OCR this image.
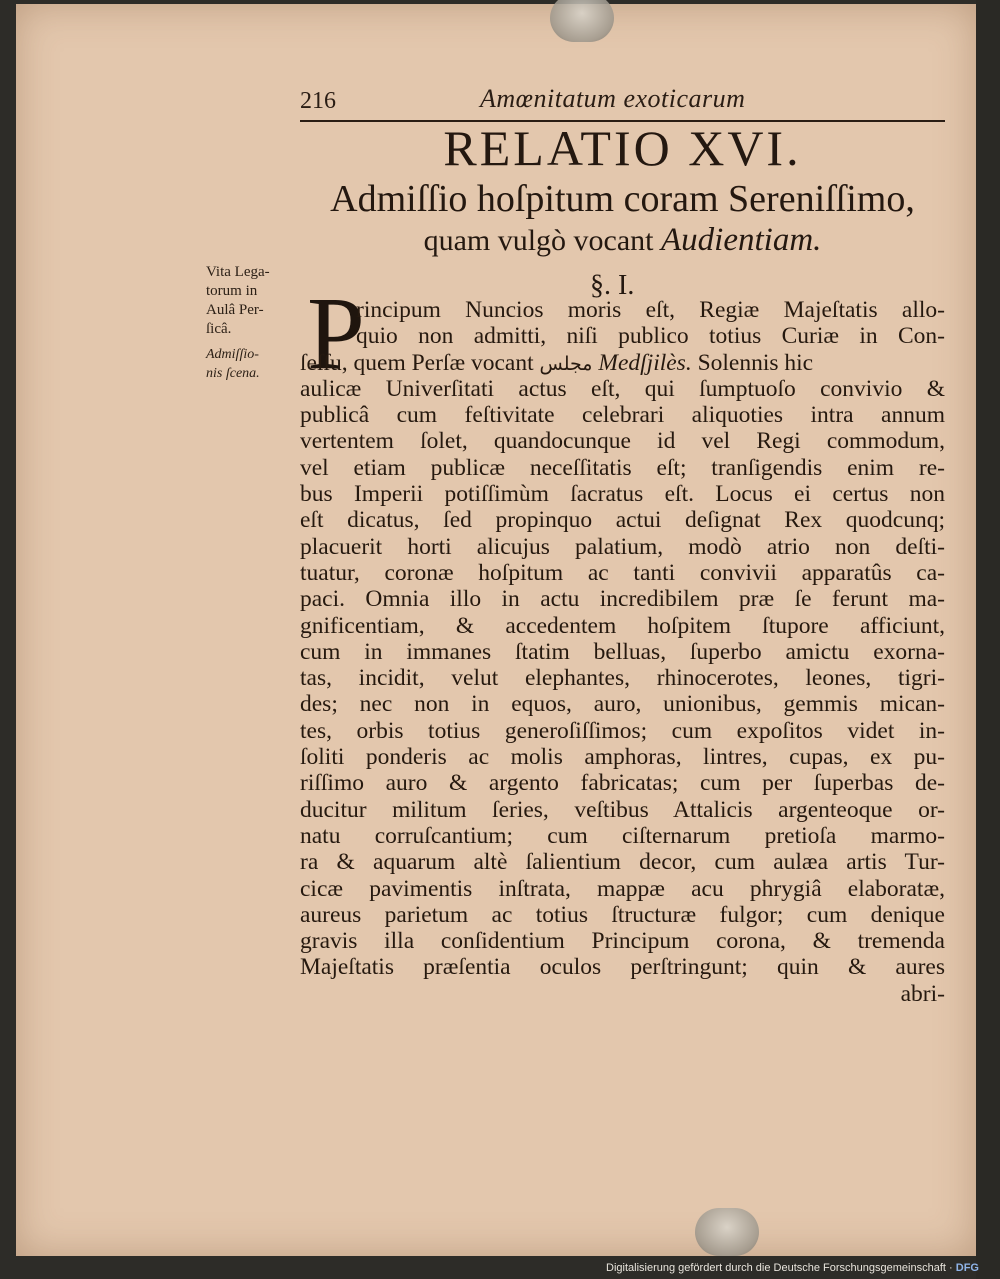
216	Amœnitatum exoticarum
RELATIO XVI.
Admiſſio hoſpitum coram Sereniſſimo,
quam vulgò vocant Audientiam.
§. I.
Vita Lega-
torum in
Aulâ Per-
ſicâ.
Admiſſio-
nis ſcena. P
rincipum Nuncios moris eſt, Regiæ Majeſtatis allo-
quio non admitti, niſi publico totius Curiæ in Con-
ſeſſu, quem Perſæ vocant مجلس Medſjilès. Solennis hic
aulicæ Univerſitati actus eſt, qui ſumptuoſo convivio &
publicâ cum feſtivitate celebrari aliquoties intra annum
vertentem ſolet, quandocunque id vel Regi commodum,
vel etiam publicæ neceſſitatis eſt; tranſigendis enim re-
bus Imperii potiſſimùm ſacratus eſt. Locus ei certus non
eſt dicatus, ſed propinquo actui deſignat Rex quodcunq;
placuerit horti alicujus palatium, modò atrio non deſti-
tuatur, coronæ hoſpitum ac tanti convivii apparatûs ca-
paci. Omnia illo in actu incredibilem præ ſe ferunt ma-
gnificentiam, & accedentem hoſpitem ſtupore afficiunt,
cum in immanes ſtatim belluas, ſuperbo amictu exorna-
tas, incidit, velut elephantes, rhinocerotes, leones, tigri-
des; nec non in equos, auro, unionibus, gemmis mican-
tes, orbis totius generoſiſſimos; cum expoſitos videt in-
ſoliti ponderis ac molis amphoras, lintres, cupas, ex pu-
riſſimo auro & argento fabricatas; cum per ſuperbas de-
ducitur militum ſeries, veſtibus Attalicis argenteoque or-
natu corruſcantium; cum ciſternarum pretioſa marmo-
ra & aquarum altè ſalientium decor, cum aulæa artis Tur-
cicæ pavimentis inſtrata, mappæ acu phrygiâ elaboratæ,
aureus parietum ac totius ſtructuræ fulgor; cum denique
gravis illa conſidentium Principum corona, & tremenda
Majeſtatis præſentia oculos perſtringunt; quin & aures
abri-
Digitalisierung gefördert durch die Deutsche Forschungsgemeinschaft · DFG
